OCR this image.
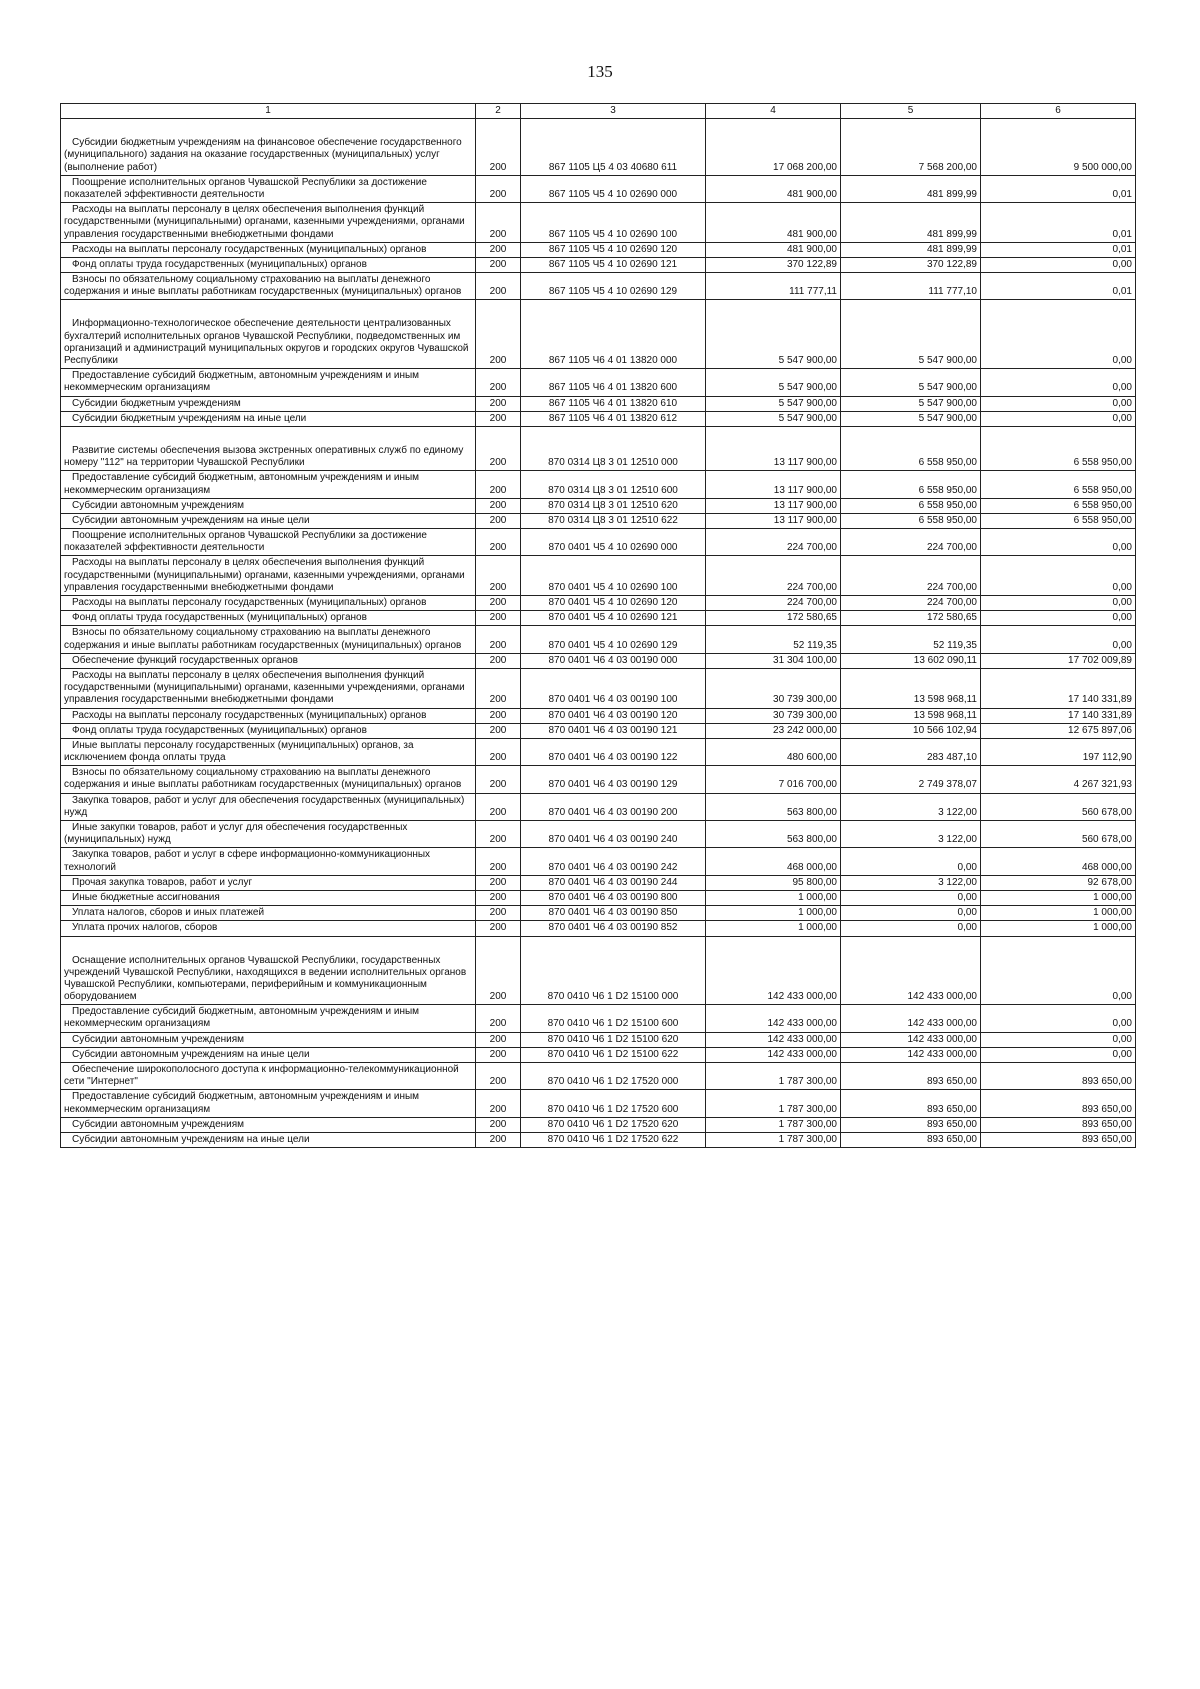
135
1	2	3	4	5	6

Субсидии бюджетным учреждениям на финансовое обеспечение государственного (муниципального) задания на оказание государственных (муниципальных) услуг (выполнение работ)	200	867 1105 Ц5 4 03 40680 611	17 068 200,00	7 568 200,00	9 500 000,00

Поощрение исполнительных органов Чувашской Республики за достижение показателей эффективности деятельности	200	867 1105 Ч5 4 10 02690 000	481 900,00	481 899,99	0,01

Расходы на выплаты персоналу в целях обеспечения выполнения функций государственными (муниципальными) органами, казенными учреждениями, органами управления государственными внебюджетными фондами	200	867 1105 Ч5 4 10 02690 100	481 900,00	481 899,99	0,01

Расходы на выплаты персоналу государственных (муниципальных) органов	200	867 1105 Ч5 4 10 02690 120	481 900,00	481 899,99	0,01

Фонд оплаты труда государственных (муниципальных) органов	200	867 1105 Ч5 4 10 02690 121	370 122,89	370 122,89	0,00

Взносы по обязательному социальному страхованию на выплаты денежного содержания и иные выплаты работникам государственных (муниципальных) органов	200	867 1105 Ч5 4 10 02690 129	111 777,11	111 777,10	0,01

Информационно-технологическое обеспечение деятельности централизованных бухгалтерий исполнительных органов Чувашской Республики, подведомственных им организаций и администраций муниципальных округов и городских округов Чувашской Республики	200	867 1105 Ч6 4 01 13820 000	5 547 900,00	5 547 900,00	0,00

Предоставление субсидий бюджетным, автономным учреждениям и иным некоммерческим организациям	200	867 1105 Ч6 4 01 13820 600	5 547 900,00	5 547 900,00	0,00

Субсидии бюджетным учреждениям	200	867 1105 Ч6 4 01 13820 610	5 547 900,00	5 547 900,00	0,00

Субсидии бюджетным учреждениям на иные цели	200	867 1105 Ч6 4 01 13820 612	5 547 900,00	5 547 900,00	0,00

Развитие системы обеспечения вызова экстренных оперативных служб по единому номеру "112" на территории Чувашской Республики	200	870 0314 Ц8 3 01 12510 000	13 117 900,00	6 558 950,00	6 558 950,00

Предоставление субсидий бюджетным, автономным учреждениям и иным некоммерческим организациям	200	870 0314 Ц8 3 01 12510 600	13 117 900,00	6 558 950,00	6 558 950,00

Субсидии автономным учреждениям	200	870 0314 Ц8 3 01 12510 620	13 117 900,00	6 558 950,00	6 558 950,00

Субсидии автономным учреждениям на иные цели	200	870 0314 Ц8 3 01 12510 622	13 117 900,00	6 558 950,00	6 558 950,00

Поощрение исполнительных органов Чувашской Республики за достижение показателей эффективности деятельности	200	870 0401 Ч5 4 10 02690 000	224 700,00	224 700,00	0,00

Расходы на выплаты персоналу в целях обеспечения выполнения функций государственными (муниципальными) органами, казенными учреждениями, органами управления государственными внебюджетными фондами	200	870 0401 Ч5 4 10 02690 100	224 700,00	224 700,00	0,00

Расходы на выплаты персоналу государственных (муниципальных) органов	200	870 0401 Ч5 4 10 02690 120	224 700,00	224 700,00	0,00

Фонд оплаты труда государственных (муниципальных) органов	200	870 0401 Ч5 4 10 02690 121	172 580,65	172 580,65	0,00

Взносы по обязательному социальному страхованию на выплаты денежного содержания и иные выплаты работникам государственных (муниципальных) органов	200	870 0401 Ч5 4 10 02690 129	52 119,35	52 119,35	0,00

Обеспечение функций государственных органов	200	870 0401 Ч6 4 03 00190 000	31 304 100,00	13 602 090,11	17 702 009,89

Расходы на выплаты персоналу в целях обеспечения выполнения функций государственными (муниципальными) органами, казенными учреждениями, органами управления государственными внебюджетными фондами	200	870 0401 Ч6 4 03 00190 100	30 739 300,00	13 598 968,11	17 140 331,89

Расходы на выплаты персоналу государственных (муниципальных) органов	200	870 0401 Ч6 4 03 00190 120	30 739 300,00	13 598 968,11	17 140 331,89

Фонд оплаты труда государственных (муниципальных) органов	200	870 0401 Ч6 4 03 00190 121	23 242 000,00	10 566 102,94	12 675 897,06

Иные выплаты персоналу государственных (муниципальных) органов, за исключением фонда оплаты труда	200	870 0401 Ч6 4 03 00190 122	480 600,00	283 487,10	197 112,90

Взносы по обязательному социальному страхованию на выплаты денежного содержания и иные выплаты работникам государственных (муниципальных) органов	200	870 0401 Ч6 4 03 00190 129	7 016 700,00	2 749 378,07	4 267 321,93

Закупка товаров, работ и услуг для обеспечения государственных (муниципальных) нужд	200	870 0401 Ч6 4 03 00190 200	563 800,00	3 122,00	560 678,00

Иные закупки товаров, работ и услуг для обеспечения государственных (муниципальных) нужд	200	870 0401 Ч6 4 03 00190 240	563 800,00	3 122,00	560 678,00

Закупка товаров, работ и услуг в сфере информационно-коммуникационных технологий	200	870 0401 Ч6 4 03 00190 242	468 000,00	0,00	468 000,00

Прочая закупка товаров, работ и услуг	200	870 0401 Ч6 4 03 00190 244	95 800,00	3 122,00	92 678,00

Иные бюджетные ассигнования	200	870 0401 Ч6 4 03 00190 800	1 000,00	0,00	1 000,00

Уплата налогов, сборов и иных платежей	200	870 0401 Ч6 4 03 00190 850	1 000,00	0,00	1 000,00

Уплата прочих налогов, сборов	200	870 0401 Ч6 4 03 00190 852	1 000,00	0,00	1 000,00

Оснащение исполнительных органов Чувашской Республики, государственных учреждений Чувашской Республики, находящихся в ведении исполнительных органов Чувашской Республики, компьютерами, периферийным и коммуникационным оборудованием	200	870 0410 Ч6 1 D2 15100 000	142 433 000,00	142 433 000,00	0,00

Предоставление субсидий бюджетным, автономным учреждениям и иным некоммерческим организациям	200	870 0410 Ч6 1 D2 15100 600	142 433 000,00	142 433 000,00	0,00

Субсидии автономным учреждениям	200	870 0410 Ч6 1 D2 15100 620	142 433 000,00	142 433 000,00	0,00

Субсидии автономным учреждениям на иные цели	200	870 0410 Ч6 1 D2 15100 622	142 433 000,00	142 433 000,00	0,00

Обеспечение широкополосного доступа к информационно-телекоммуникационной сети "Интернет"	200	870 0410 Ч6 1 D2 17520 000	1 787 300,00	893 650,00	893 650,00

Предоставление субсидий бюджетным, автономным учреждениям и иным некоммерческим организациям	200	870 0410 Ч6 1 D2 17520 600	1 787 300,00	893 650,00	893 650,00

Субсидии автономным учреждениям	200	870 0410 Ч6 1 D2 17520 620	1 787 300,00	893 650,00	893 650,00

Субсидии автономным учреждениям на иные цели	200	870 0410 Ч6 1 D2 17520 622	1 787 300,00	893 650,00	893 650,00
